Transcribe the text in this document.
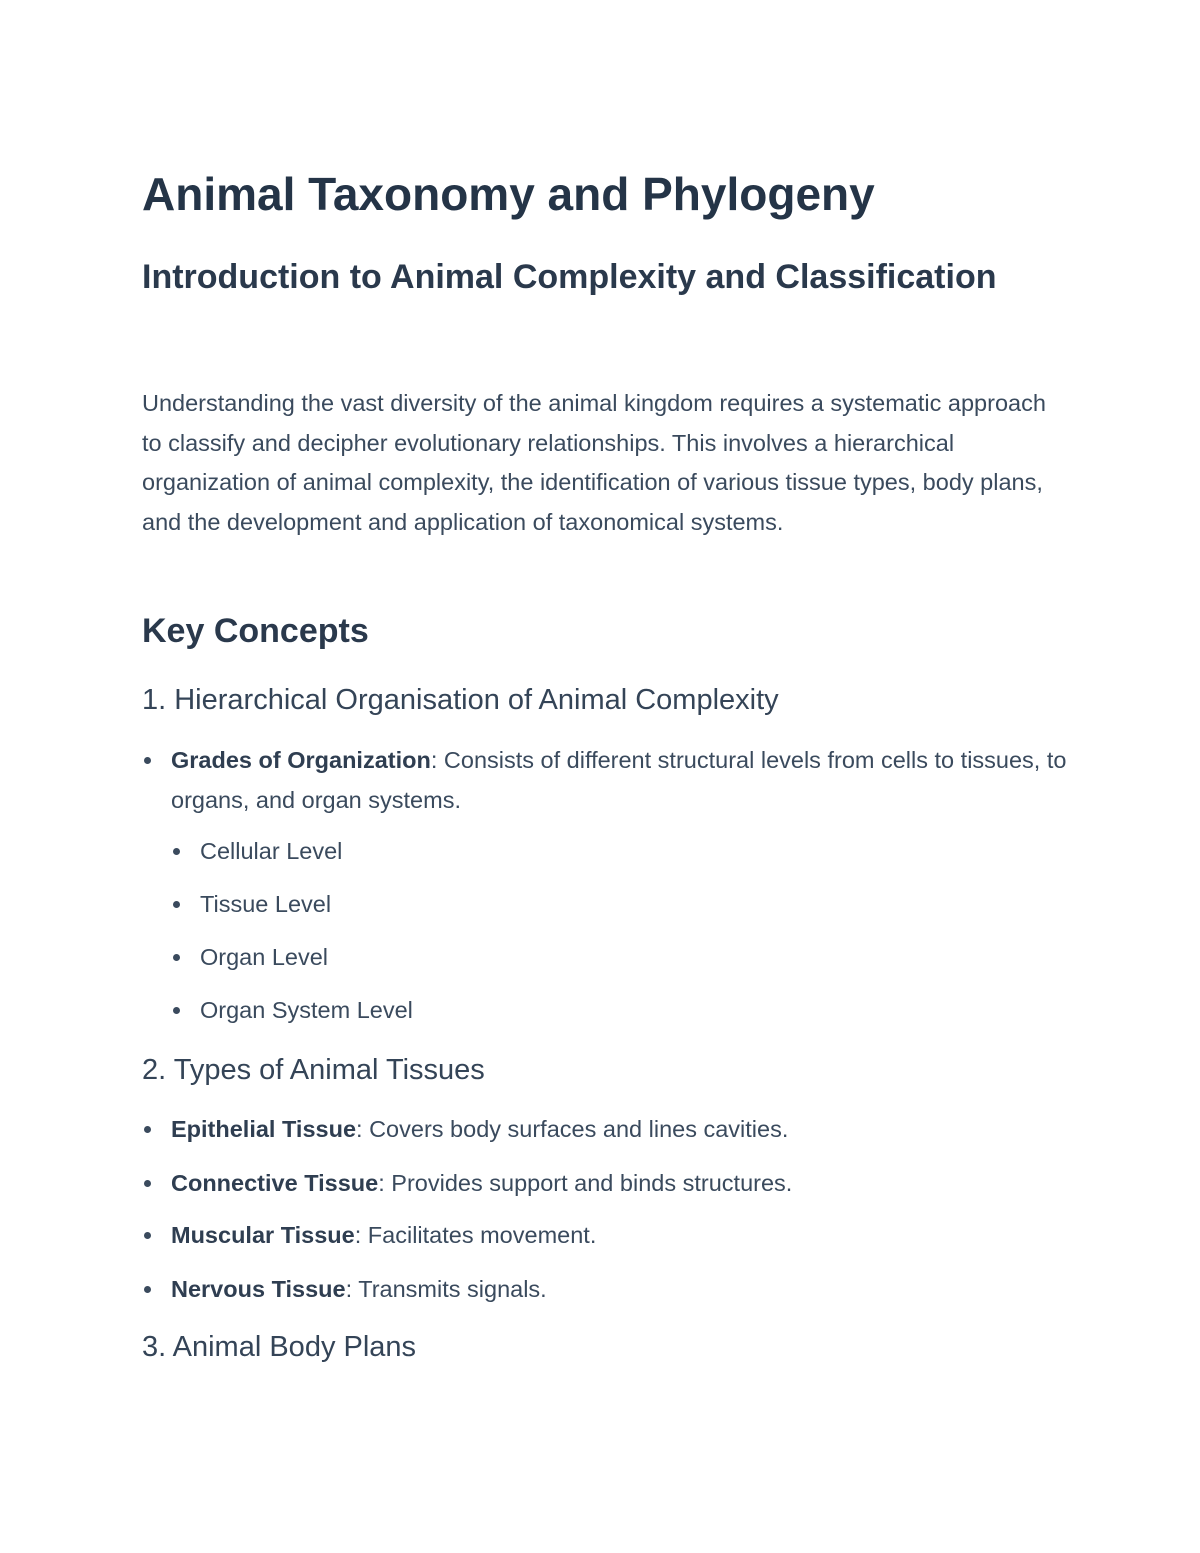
Animal Taxonomy and Phylogeny
Introduction to Animal Complexity and Classification

Understanding the vast diversity of the animal kingdom requires a systematic approach to classify and decipher evolutionary relationships. This involves a hierarchical organization of animal complexity, the identification of various tissue types, body plans, and the development and application of taxonomical systems.

Key Concepts
1. Hierarchical Organisation of Animal Complexity
Grades of Organization: Consists of different structural levels from cells to tissues, to organs, and organ systems.
Cellular Level
Tissue Level
Organ Level
Organ System Level
2. Types of Animal Tissues
Epithelial Tissue: Covers body surfaces and lines cavities.
Connective Tissue: Provides support and binds structures.
Muscular Tissue: Facilitates movement.
Nervous Tissue: Transmits signals.
3. Animal Body Plans
